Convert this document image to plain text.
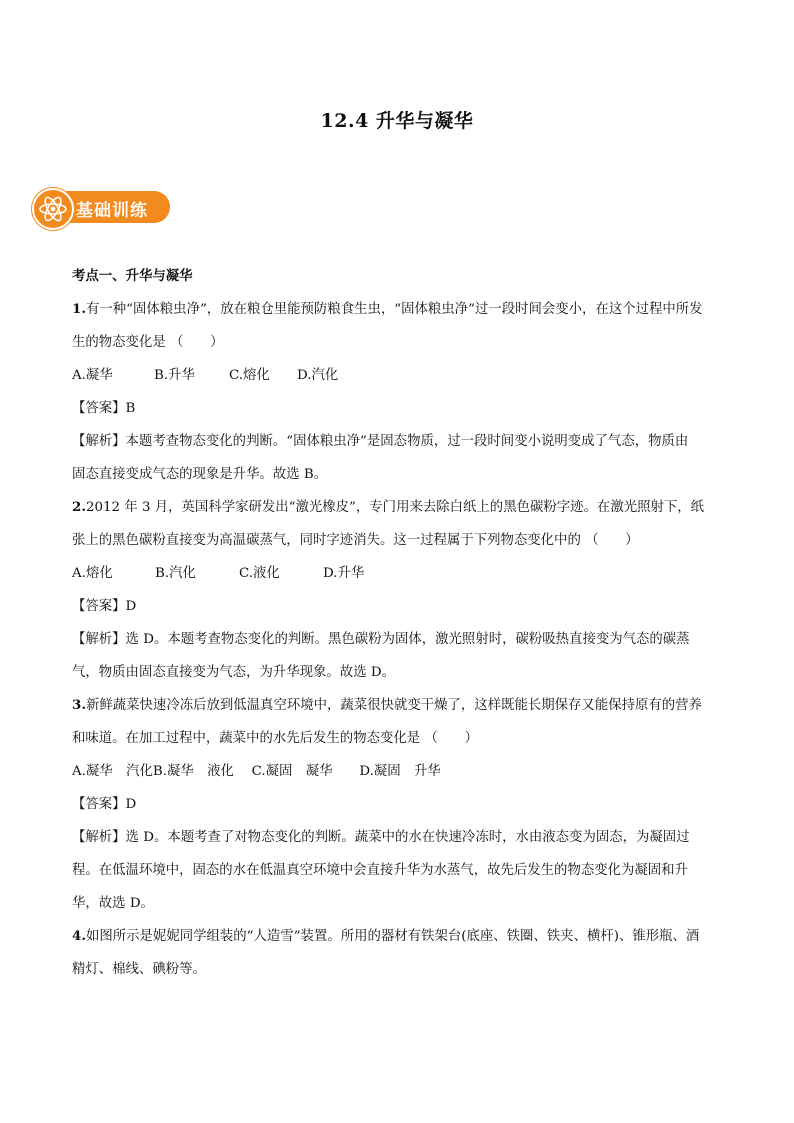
12.4 升华与凝华
基础训练

考点一、升华与凝华

1.有一种“固体粮虫净”，放在粮仓里能预防粮食生虫，“固体粮虫净”过一段时间会变小，在这个过程中所发

生的物态变化是 （　　）

A.凝华	B.升华	C.熔化 D.汽化

【答案】B

【解析】本题考查物态变化的判断。“固体粮虫净”是固态物质，过一段时间变小说明变成了气态，物质由

固态直接变成气态的现象是升华。故选 B。

2.2012 年 3 月，英国科学家研发出“激光橡皮”，专门用来去除白纸上的黑色碳粉字迹。在激光照射下，纸

张上的黑色碳粉直接变为高温碳蒸气，同时字迹消失。这一过程属于下列物态变化中的 （　　）

A.熔化	B.汽化	C.液化	D.升华

【答案】D

【解析】选 D。本题考查物态变化的判断。黑色碳粉为固体，激光照射时，碳粉吸热直接变为气态的碳蒸

气，物质由固态直接变为气态，为升华现象。故选 D。

3.新鲜蔬菜快速冷冻后放到低温真空环境中，蔬菜很快就变干燥了，这样既能长期保存又能保持原有的营养

和味道。在加工过程中，蔬菜中的水先后发生的物态变化是 （　　）

A.凝华　汽化B.凝华　液化　 C.凝固　凝华　　D.凝固　升华

【答案】D

【解析】选 D。本题考查了对物态变化的判断。蔬菜中的水在快速冷冻时，水由液态变为固态，为凝固过

程。在低温环境中，固态的水在低温真空环境中会直接升华为水蒸气，故先后发生的物态变化为凝固和升

华，故选 D。

4.如图所示是妮妮同学组装的“人造雪”装置。所用的器材有铁架台(底座、铁圈、铁夹、横杆)、锥形瓶、酒

精灯、棉线、碘粉等。
